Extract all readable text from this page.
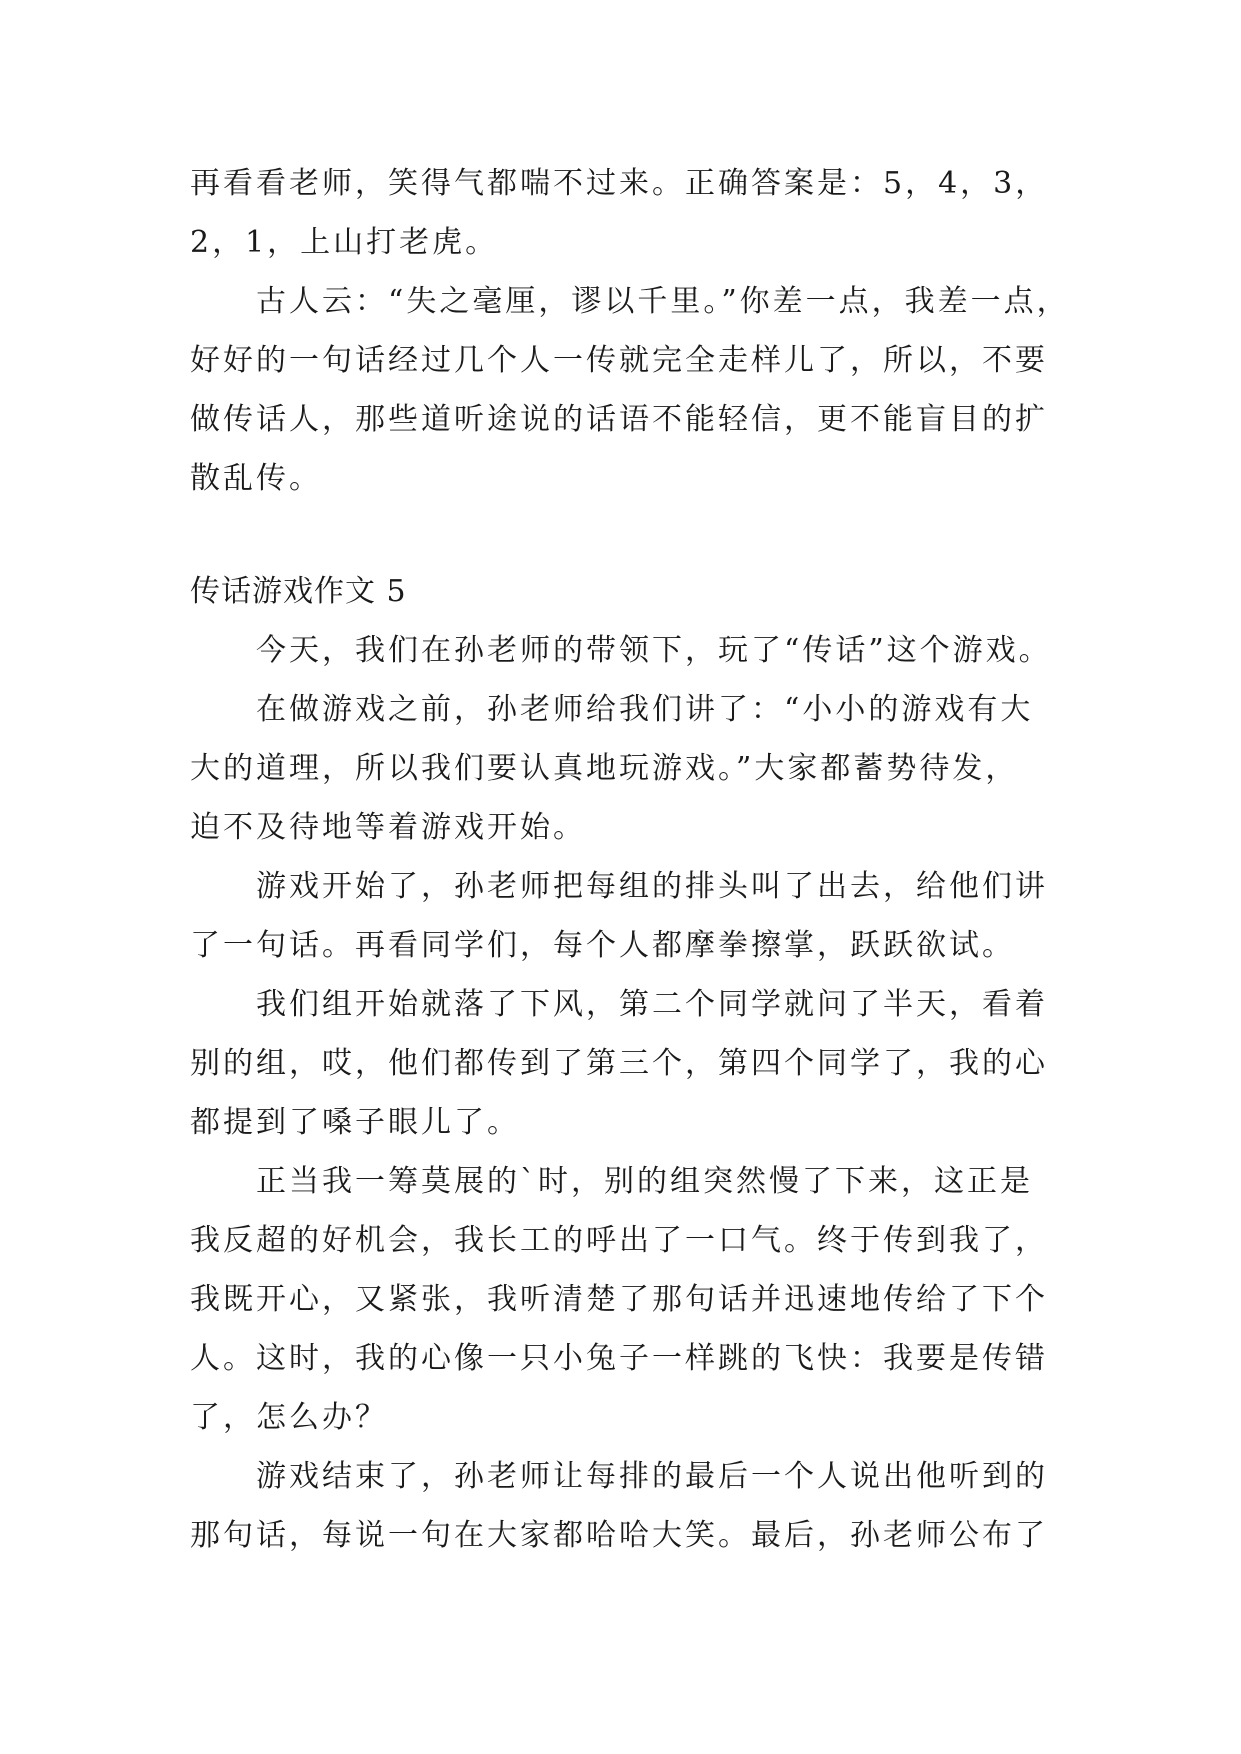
再看看老师，笑得气都喘不过来。正确答案是：5，4，3，

2，1，上山打老虎。

古人云：“失之毫厘，谬以千里。”你差一点，我差一点，

好好的一句话经过几个人一传就完全走样儿了，所以，不要

做传话人，那些道听途说的话语不能轻信，更不能盲目的扩

散乱传。

传话游戏作文 5

今天，我们在孙老师的带领下，玩了“传话”这个游戏。

在做游戏之前，孙老师给我们讲了：“小小的游戏有大

大的道理，所以我们要认真地玩游戏。”大家都蓄势待发，

迫不及待地等着游戏开始。

游戏开始了，孙老师把每组的排头叫了出去，给他们讲

了一句话。再看同学们，每个人都摩拳擦掌，跃跃欲试。

我们组开始就落了下风，第二个同学就问了半天，看着

别的组，哎，他们都传到了第三个，第四个同学了，我的心

都提到了嗓子眼儿了。

正当我一筹莫展的`时，别的组突然慢了下来，这正是

我反超的好机会，我长工的呼出了一口气。终于传到我了，

我既开心，又紧张，我听清楚了那句话并迅速地传给了下个

人。这时，我的心像一只小兔子一样跳的飞快：我要是传错

了，怎么办？

游戏结束了，孙老师让每排的最后一个人说出他听到的

那句话，每说一句在大家都哈哈大笑。最后，孙老师公布了
